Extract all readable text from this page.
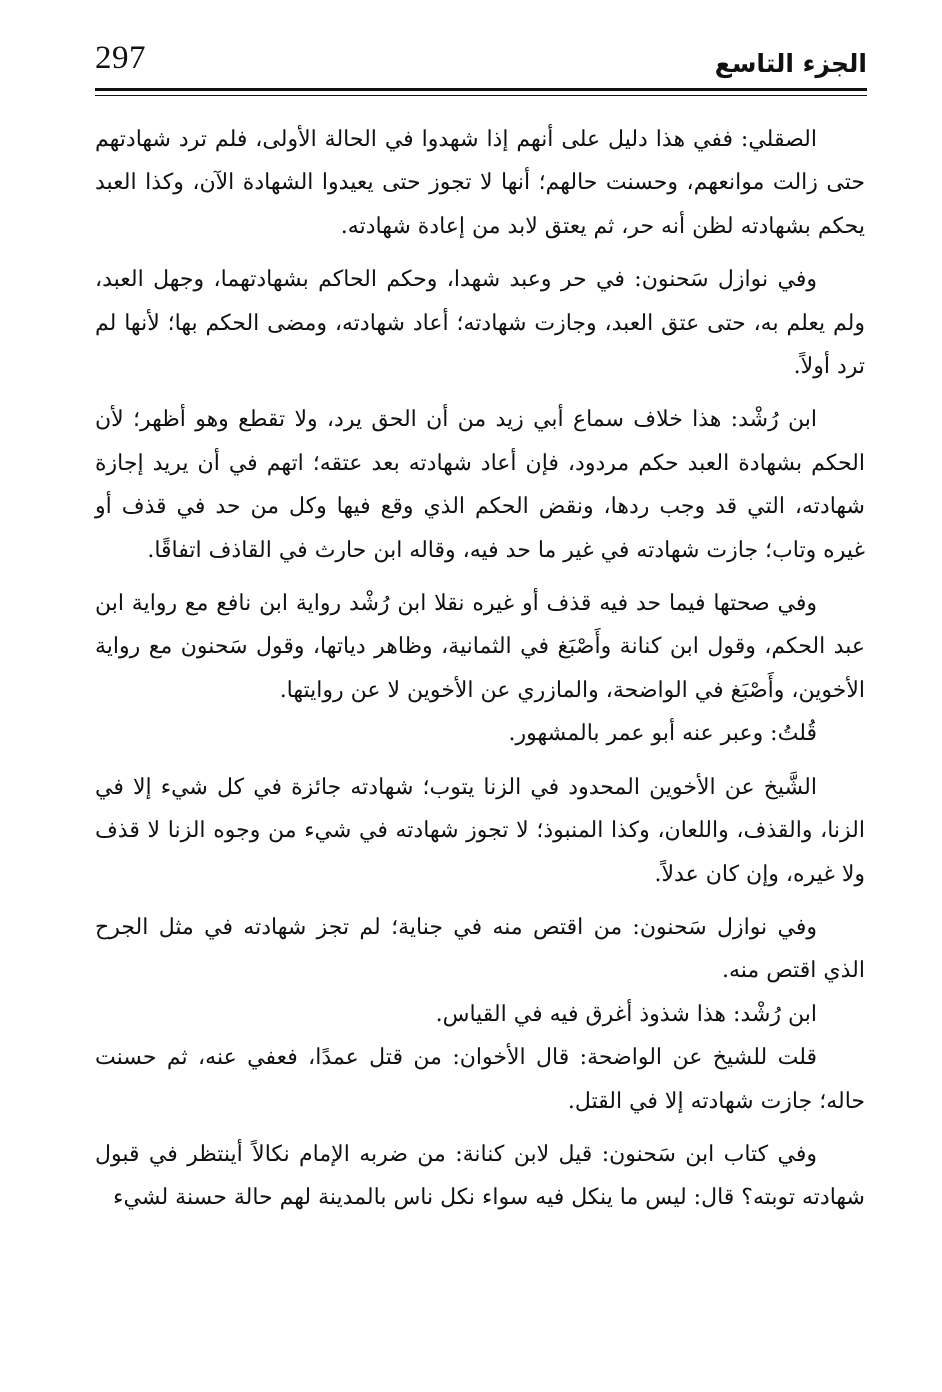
297	الجزء التاسع

الصقلي: ففي هذا دليل على أنهم إذا شهدوا في الحالة الأولى، فلم ترد شهادتهم حتى زالت موانعهم، وحسنت حالهم؛ أنها لا تجوز حتى يعيدوا الشهادة الآن، وكذا العبد يحكم بشهادته لظن أنه حر، ثم يعتق لابد من إعادة شهادته.

وفي نوازل سَحنون: في حر وعبد شهدا، وحكم الحاكم بشهادتهما، وجهل العبد، ولم يعلم به، حتى عتق العبد، وجازت شهادته؛ أعاد شهادته، ومضى الحكم بها؛ لأنها لم ترد أولاً.

ابن رُشْد: هذا خلاف سماع أبي زيد من أن الحق يرد، ولا تقطع وهو أظهر؛ لأن الحكم بشهادة العبد حكم مردود، فإن أعاد شهادته بعد عتقه؛ اتهم في أن يريد إجازة شهادته، التي قد وجب ردها، ونقض الحكم الذي وقع فيها وكل من حد في قذف أو غيره وتاب؛ جازت شهادته في غير ما حد فيه، وقاله ابن حارث في القاذف اتفاقًا.

وفي صحتها فيما حد فيه قذف أو غيره نقلا ابن رُشْد رواية ابن نافع مع رواية ابن عبد الحكم، وقول ابن كنانة وأَصْبَغ في الثمانية، وظاهر دياتها، وقول سَحنون مع رواية الأخوين، وأَصْبَغ في الواضحة، والمازري عن الأخوين لا عن روايتها.

قُلتُ: وعبر عنه أبو عمر بالمشهور.

الشَّيخ عن الأخوين المحدود في الزنا يتوب؛ شهادته جائزة في كل شيء إلا في الزنا، والقذف، واللعان، وكذا المنبوذ؛ لا تجوز شهادته في شيء من وجوه الزنا لا قذف ولا غيره، وإن كان عدلاً.

وفي نوازل سَحنون: من اقتص منه في جناية؛ لم تجز شهادته في مثل الجرح الذي اقتص منه.

ابن رُشْد: هذا شذوذ أغرق فيه في القياس.

قلت للشيخ عن الواضحة: قال الأخوان: من قتل عمدًا، فعفي عنه، ثم حسنت حاله؛ جازت شهادته إلا في القتل.

وفي كتاب ابن سَحنون: قيل لابن كنانة: من ضربه الإمام نكالاً أينتظر في قبول شهادته توبته؟ قال: ليس ما ينكل فيه سواء نكل ناس بالمدينة لهم حالة حسنة لشيء
